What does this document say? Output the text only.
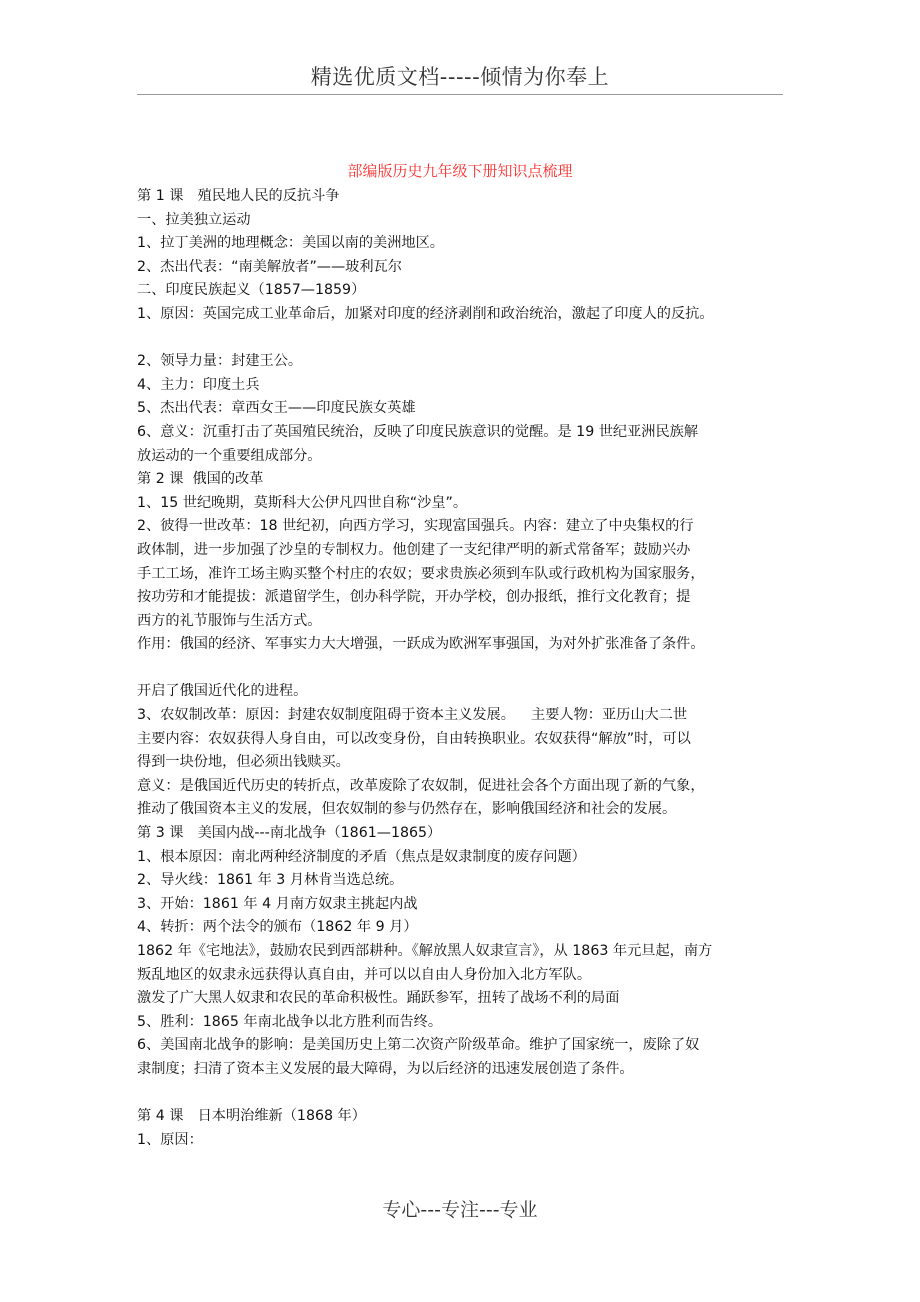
精选优质文档-----倾情为你奉上
部编版历史九年级下册知识点梳理
第 1 课　殖民地人民的反抗斗争
一、拉美独立运动
1、拉丁美洲的地理概念：美国以南的美洲地区。
2、杰出代表：“南美解放者”——玻利瓦尔
二、印度民族起义（1857—1859）
1、原因：英国完成工业革命后，加紧对印度的经济剥削和政治统治，激起了印度人的反抗。
2、领导力量：封建王公。
4、主力：印度土兵
5、杰出代表：章西女王——印度民族女英雄
6、意义：沉重打击了英国殖民统治，反映了印度民族意识的觉醒。是 19 世纪亚洲民族解
放运动的一个重要组成部分。
第 2 课  俄国的改革
1、15 世纪晚期，莫斯科大公伊凡四世自称“沙皇”。
2、彼得一世改革：18 世纪初，向西方学习，实现富国强兵。内容：建立了中央集权的行
政体制，进一步加强了沙皇的专制权力。他创建了一支纪律严明的新式常备军；鼓励兴办
手工工场，准许工场主购买整个村庄的农奴；要求贵族必须到车队或行政机构为国家服务，
按功劳和才能提拔：派遣留学生，创办科学院，开办学校，创办报纸，推行文化教育；提
西方的礼节服饰与生活方式。
作用：俄国的经济、军事实力大大增强，一跃成为欧洲军事强国，为对外扩张准备了条件。
开启了俄国近代化的进程。
3、农奴制改革：原因：封建农奴制度阻碍于资本主义发展。　  主要人物：亚历山大二世
主要内容：农奴获得人身自由，可以改变身份，自由转换职业。农奴获得“解放”时，可以
得到一块份地，但必须出钱赎买。
意义：是俄国近代历史的转折点，改革废除了农奴制，促进社会各个方面出现了新的气象，
推动了俄国资本主义的发展，但农奴制的参与仍然存在，影响俄国经济和社会的发展。
第 3 课　美国内战---南北战争（1861—1865）
1、根本原因：南北两种经济制度的矛盾（焦点是奴隶制度的废存问题）
2、导火线：1861 年 3 月林肯当选总统。
3、开始：1861 年 4 月南方奴隶主挑起内战
4、转折：两个法令的颁布（1862 年 9 月）
1862 年《宅地法》，鼓励农民到西部耕种。《解放黑人奴隶宣言》，从 1863 年元旦起，南方
叛乱地区的奴隶永远获得认真自由，并可以以自由人身份加入北方军队。
激发了广大黑人奴隶和农民的革命积极性。踊跃参军，扭转了战场不利的局面
5、胜利：1865 年南北战争以北方胜利而告终。
6、美国南北战争的影响：是美国历史上第二次资产阶级革命。维护了国家统一，废除了奴
隶制度；扫清了资本主义发展的最大障碍，为以后经济的迅速发展创造了条件。
第 4 课　日本明治维新（1868 年）
1、原因：
专心---专注---专业
